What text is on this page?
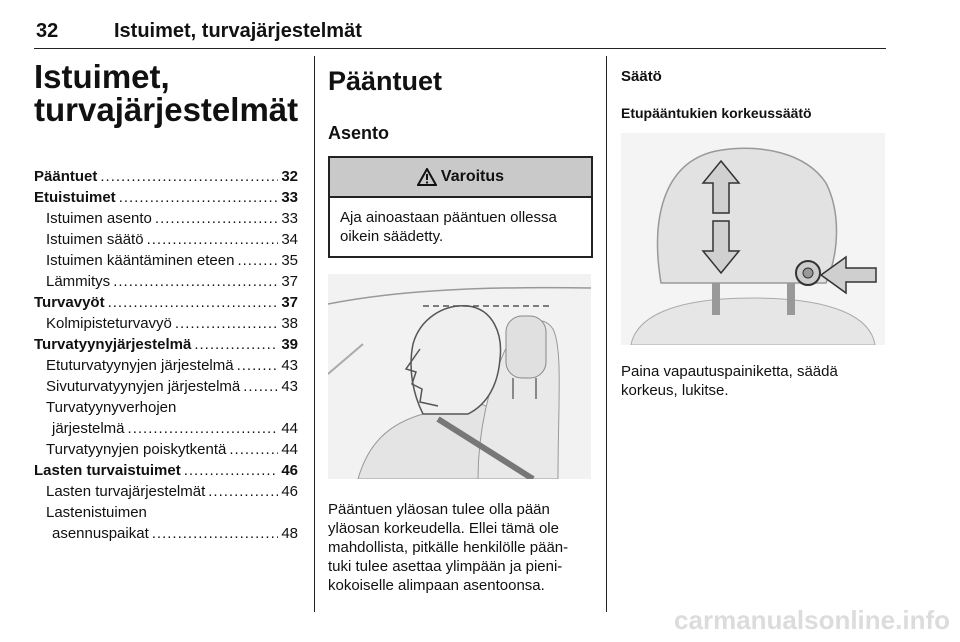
32	Istuimet, turvajärjestelmät
Istuimet,
turvajärjestelmät
Pääntuet .....	32
Etuistuimet .....	33
Istuimen asento .....	33
Istuimen säätö .....	34
Istuimen kääntäminen eteen .....	35
Lämmitys .....	37
Turvavyöt .....	37
Kolmipisteturvavyö .....	38
Turvatyynyjärjestelmä .....	39
Etuturvatyynyjen järjestelmä .....	43
Sivuturvatyynyjen järjestelmä .....	43
Turvatyynyverhojen
järjestelmä .....	44
Turvatyynyjen poiskytkentä .....	44
Lasten turvaistuimet .....	46
Lasten turvajärjestelmät .....	46
Lastenistuimen
asennuspaikat .....	48
Pääntuet
Asento
Varoitus
Aja ainoastaan pääntuen ollessa oikein säädetty.
Pääntuen yläosan tulee olla pään yläosan korkeudella. Ellei tämä ole mahdollista, pitkälle henkilölle pään-tuki tulee asettaa ylimpään ja pieni-kokoiselle alimpaan asentoonsa.
Säätö
Etupääntukien korkeussäätö
Paina vapautuspainiketta, säädä korkeus, lukitse.
carmanualsonline.info
